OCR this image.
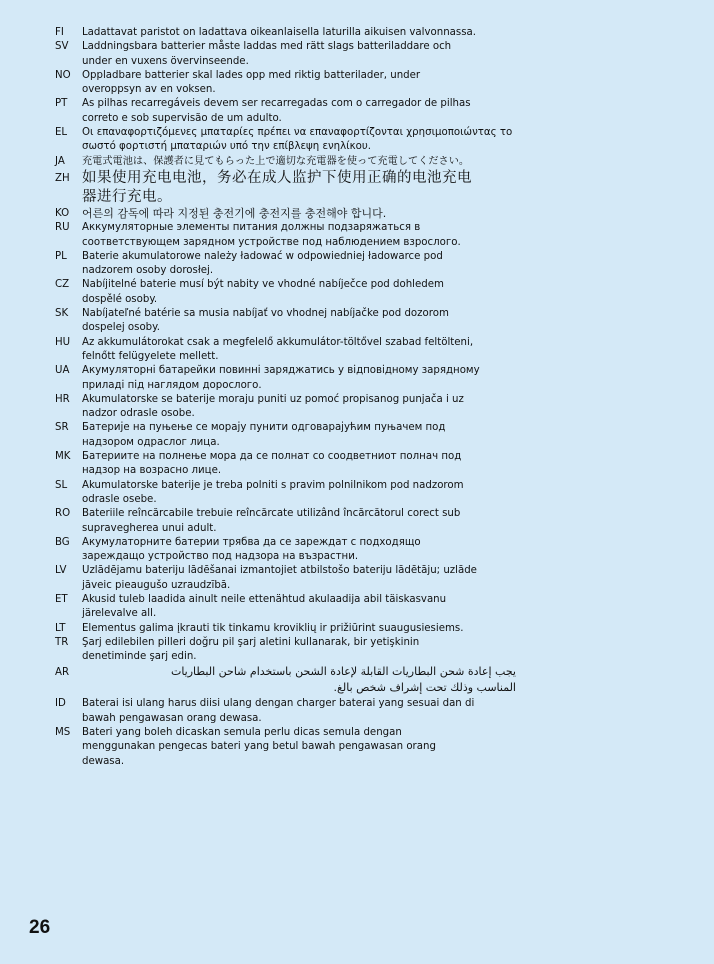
FI	Ladattavat paristot on ladattava oikeanlaisella laturilla aikuisen valvonnassa.
SV	Laddningsbara batterier måste laddas med rätt slags batteriladdare och
under en vuxens övervinseende.
NO	Oppladbare batterier skal lades opp med riktig batterilader, under
overoppsyn av en voksen.
PT	As pilhas recarregáveis devem ser recarregadas com o carregador de pilhas
correto e sob supervisão de um adulto.
EL	Οι επαναφορτιζόμενες μπαταρίες πρέπει να επαναφορτίζονται χρησιμοποιώντας το
σωστό φορτιστή μπαταριών υπό την επίβλεψη ενηλίκου.
JA	充電式電池は、保護者に見てもらった上で適切な充電器を使って充電してください。
ZH 如果使用充电电池，务必在成人监护下使用正确的电池充电
器进行充电。
KO	어른의 감독에 따라 지정된 충전기에 충전지를 충전해야 합니다.
RU	Аккумуляторные элементы питания должны подзаряжаться в
соответствующем зарядном устройстве под наблюдением взрослого.
PL	Baterie akumulatorowe należy ładować w odpowiedniej ładowarce pod
nadzorem osoby dorosłej.
CZ	Nabíjitelné baterie musí být nabity ve vhodné nabíječce pod dohledem
dospělé osoby.
SK	Nabíjateľné batérie sa musia nabíjať vo vhodnej nabíjačke pod dozorom
dospelej osoby.
HU	Az akkumulátorokat csak a megfelelő akkumulátor-töltővel szabad feltölteni,
felnőtt felügyelete mellett.
UA	Акумуляторні батарейки повинні заряджатись у відповідному зарядному
приладі під наглядом дорослого.
HR	Akumulatorske se baterije moraju puniti uz pomoć propisanog punjača i uz
nadzor odrasle osobe.
SR	Батерије на пуњење се морају пунити одговарајућим пуњачем под
надзором одраслог лица.
MK	Батериите на полнење мора да се полнат со соодветниот полнач под
надзор на возрасно лице.
SL	Akumulatorske baterije je treba polniti s pravim polnilnikom pod nadzorom
odrasle osebe.
RO	Bateriile reîncărcabile trebuie reîncărcate utilizând încărcătorul corect sub
supravegherea unui adult.
BG	Акумулаторните батерии трябва да се зареждат с подходящо
зареждащо устройство под надзора на възрастни.
LV	Uzlādējamu bateriju lādēšanai izmantojiet atbilstošo bateriju lādētāju; uzlāde
jāveic pieaugušo uzraudzībā.
ET	Akusid tuleb laadida ainult neile ettenähtud akulaadija abil täiskasvanu
järelevalve all.
LT	Elementus galima įkrauti tik tinkamu kroviklių ir prižiūrint suaugusiesiems.
TR	Şarj edilebilen pilleri doğru pil şarj aletini kullanarak, bir yetişkinin
denetiminde şarj edin.
AR	يجب إعادة شحن البطاريات القابلة لإعادة الشحن باستخدام شاحن البطاريات
المناسب وذلك تحت إشراف شخص بالغ.
ID	Baterai isi ulang harus diisi ulang dengan charger baterai yang sesuai dan di
bawah pengawasan orang dewasa.
MS	Bateri yang boleh dicaskan semula perlu dicas semula dengan
menggunakan pengecas bateri yang betul bawah pengawasan orang
dewasa.
26
